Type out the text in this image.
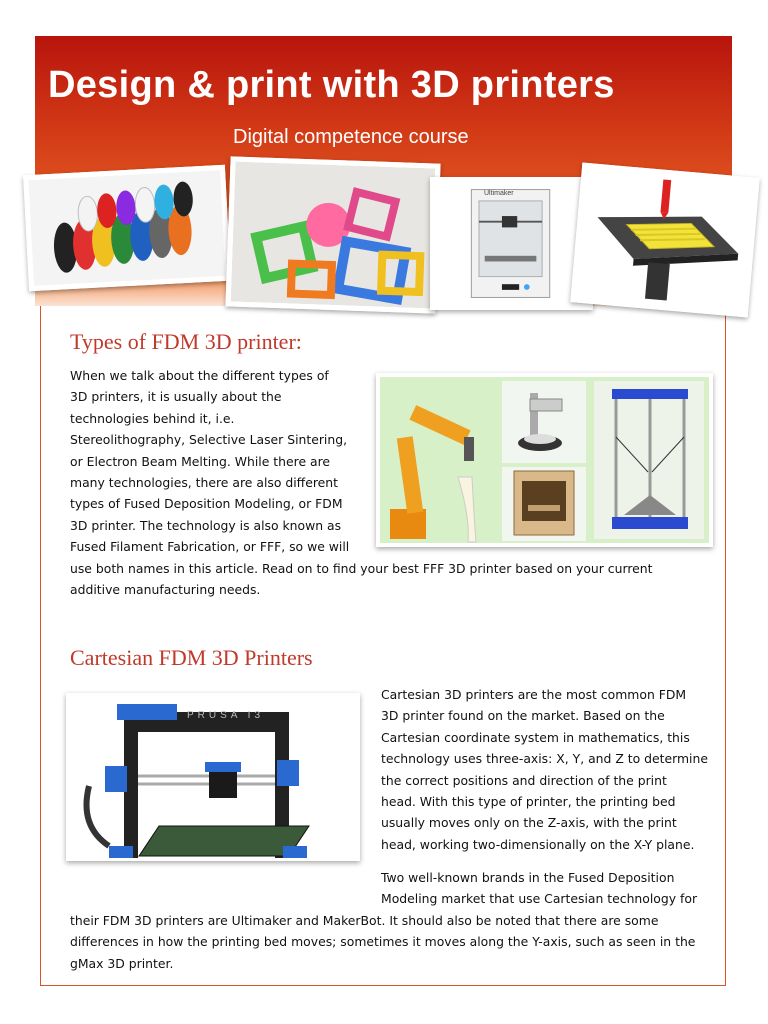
Design & print with 3D printers

Digital competence course

Ultimaker
Types of FDM 3D printer:
When we talk about the different types of
3D printers, it is usually about the
technologies behind it, i.e.
Stereolithography, Selective Laser Sintering,
or Electron Beam Melting. While there are
many technologies, there are also different
types of Fused Deposition Modeling, or FDM
3D printer. The technology is also known as
Fused Filament Fabrication, or FFF, so we will
use both names in this article. Read on to find your best FFF 3D printer based on your current
additive manufacturing needs.
Cartesian FDM 3D Printers
PRUSA I3
Cartesian 3D printers are the most common FDM
3D printer found on the market. Based on the
Cartesian coordinate system in mathematics, this
technology uses three-axis: X, Y, and Z to determine
the correct positions and direction of the print
head. With this type of printer, the printing bed
usually moves only on the Z-axis, with the print
head, working two-dimensionally on the X-Y plane.
Two well-known brands in the Fused Deposition
Modeling market that use Cartesian technology for
their FDM 3D printers are Ultimaker and MakerBot. It should also be noted that there are some
differences in how the printing bed moves; sometimes it moves along the Y-axis, such as seen in the
gMax 3D printer.
